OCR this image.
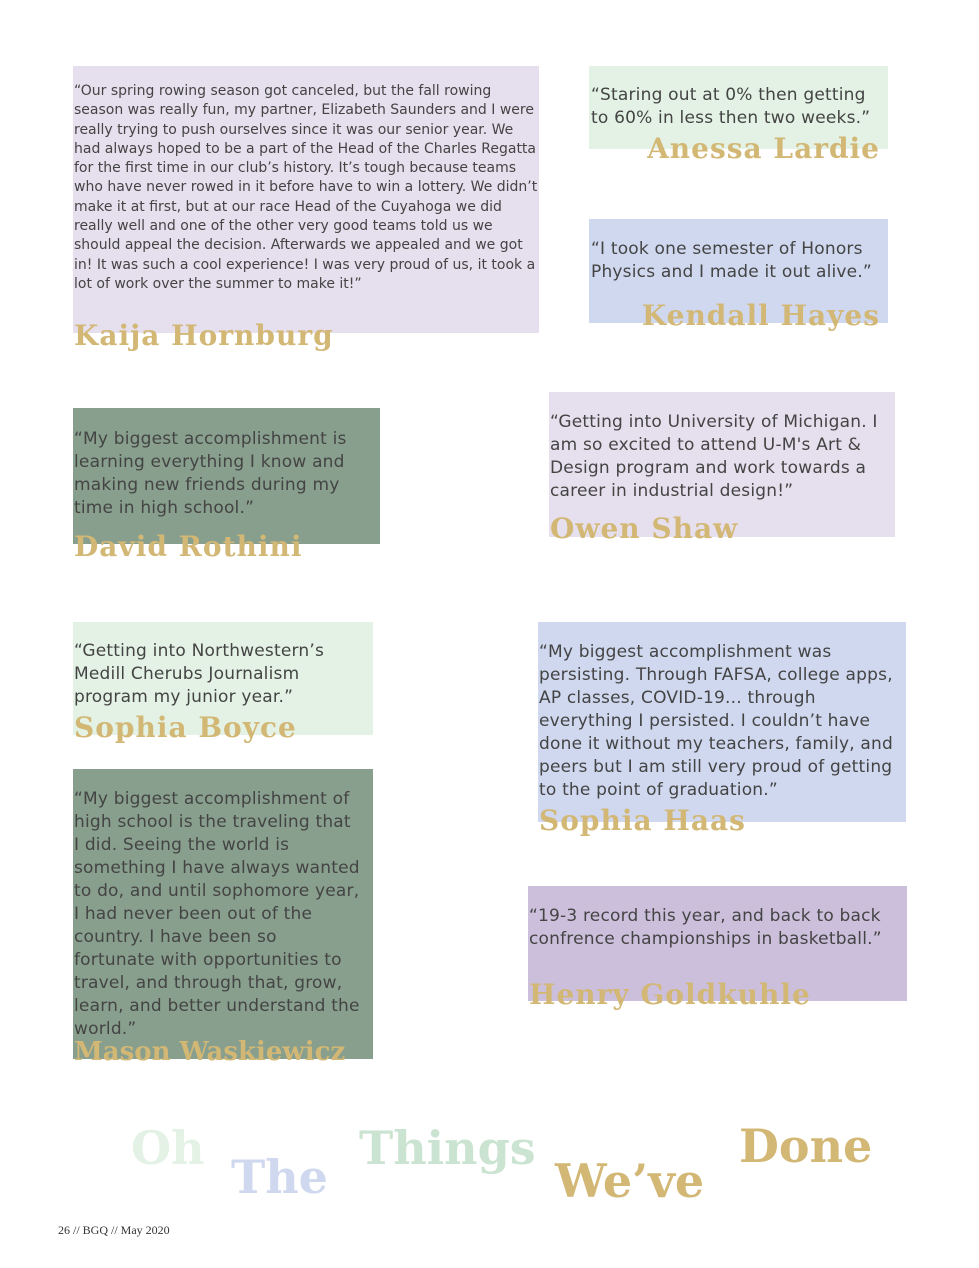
“Our spring rowing season got canceled, but the fall rowing season was really fun, my partner, Elizabeth Saunders and I were really trying to push ourselves since it was our senior year. We had always hoped to be a part of the Head of the Charles Regatta for the first time in our club’s history. It’s tough because teams who have never rowed in it before have to win a lottery. We didn’t make it at first, but at our race Head of the Cuyahoga we did really well and one of the other very good teams told us we should appeal the decision. Afterwards we appealed and we got in! It was such a cool experience! I was very proud of us, it took a lot of work over the summer to make it!”

Kaija Hornburg

“Staring out at 0% then getting to 60% in less then two weeks.”

Anessa Lardie

“I took one semester of Honors Physics and I made it out alive.”

Kendall Hayes

“My biggest accomplishment is learning everything I know and making new friends during my time in high school.”

David Rothini

“Getting into University of Michigan. I am so excited to attend U-M's Art & Design program and work towards a career in industrial design!”

Owen Shaw

“Getting into Northwestern’s Medill Cherubs Journalism program my junior year.”

Sophia Boyce

“My biggest accomplishment was persisting. Through FAFSA, college apps, AP classes, COVID-19... through everything I persisted. I couldn’t have done it without my teachers, family, and peers but I am still very proud of getting to the point of graduation.”

Sophia Haas

“My biggest accomplishment of high school is the traveling that I did. Seeing the world is something I have always wanted to do, and until sophomore year, I had never been out of the country. I have been so fortunate with opportunities to travel, and through that, grow, learn, and better understand the world.”

Mason Waskiewicz

“19-3 record this year, and back to back confrence championships in basketball.”

Henry Goldkuhle

Oh

The

Things

We’ve

Done

26 // BGQ // May 2020
